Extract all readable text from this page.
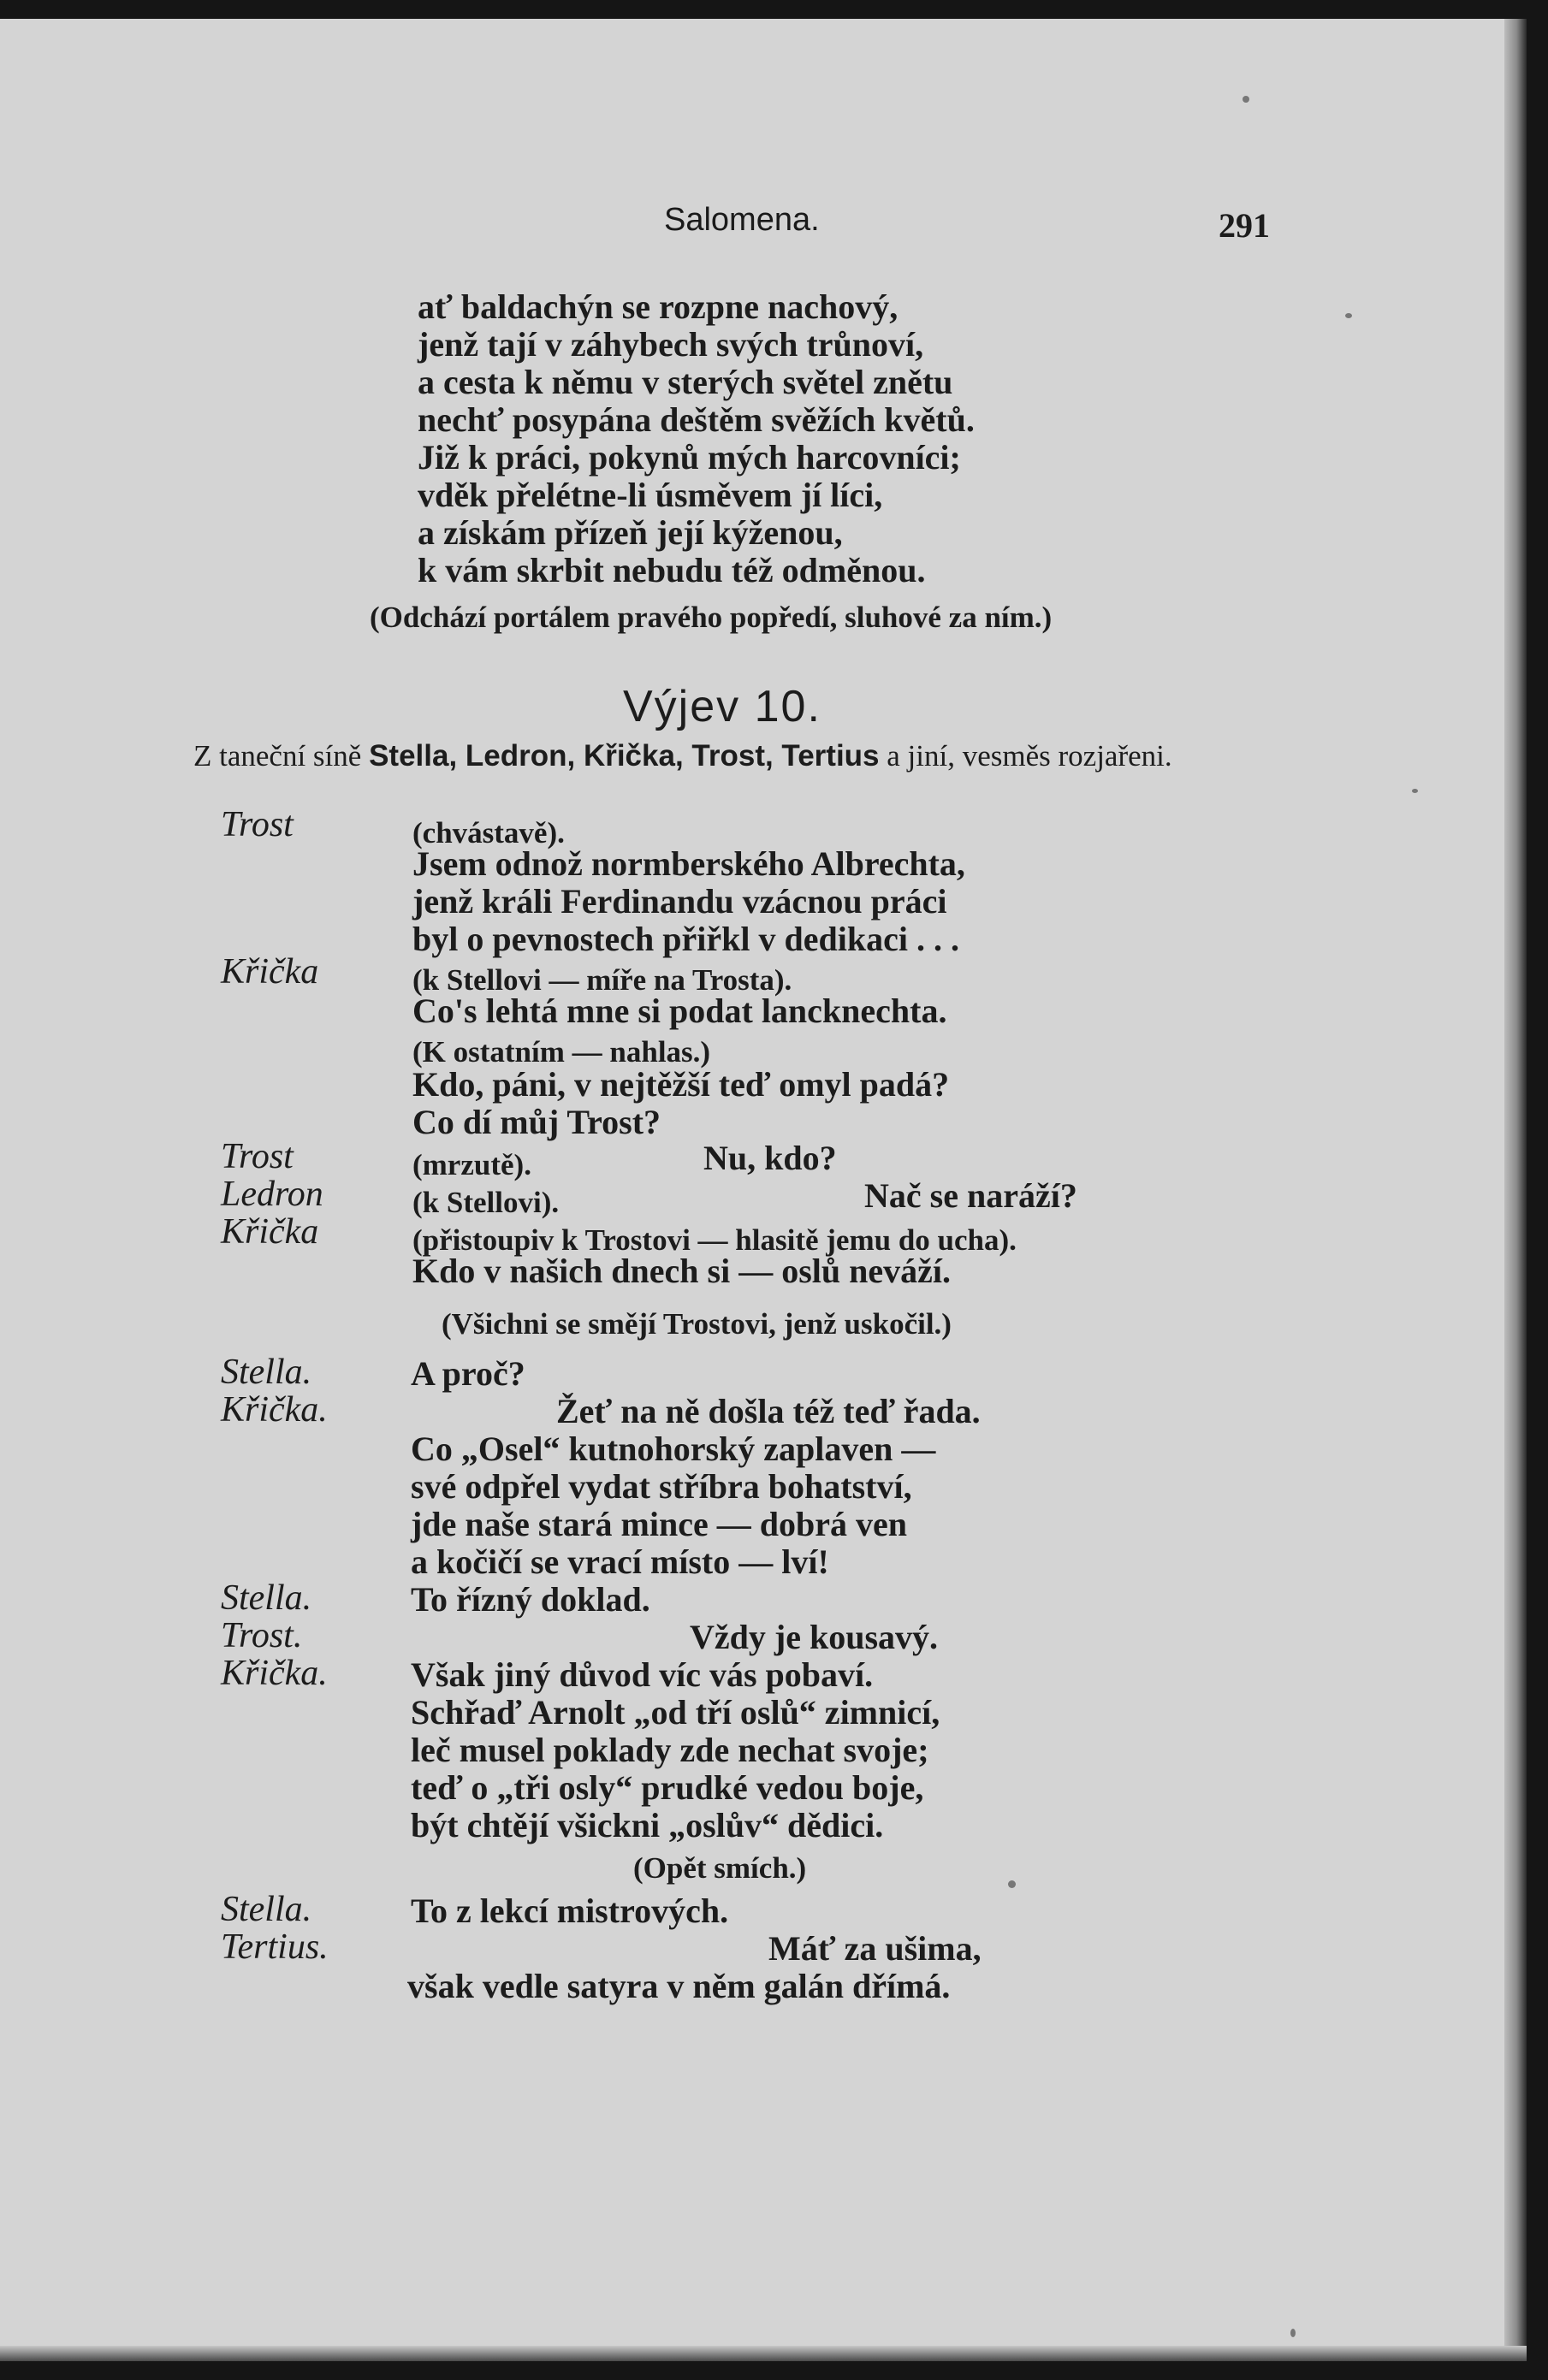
Salomena.	291
ať baldachýn se rozpne nachový,
jenž tají v záhybech svých trůnoví,
a cesta k němu v sterých světel znětu
nechť posypána deštěm svěžích květů.
Již k práci, pokynů mých harcovníci;
vděk přelétne-li úsměvem jí líci,
a získám přízeň její kýženou,
k vám skrbit nebudu též odměnou.
(Odchází portálem pravého popředí, sluhové za ním.)
Výjev 10.
Z taneční síně Stella, Ledron, Křička, Trost, Tertius a jiní, vesměs rozjařeni.
Trost	(chvástavě).
Jsem odnož normberského Albrechta,
jenž králi Ferdinandu vzácnou práci
byl o pevnostech přiřkl v dedikaci . . .
Křička	(k Stellovi — míře na Trosta).
Co's lehtá mne si podat lancknechta.
(K ostatním — nahlas.)
Kdo, páni, v nejtěžší teď omyl padá?
Co dí můj Trost?
Trost	(mrzutě).	Nu, kdo?
Ledron	(k Stellovi).	Nač se naráží?
Křička	(přistoupiv k Trostovi — hlasitě jemu do ucha).
Kdo v našich dnech si — oslů neváží.
(Všichni se smějí Trostovi, jenž uskočil.)
Stella.	A proč?
Křička.	Žeť na ně došla též teď řada.
Co „Osel“ kutnohorský zaplaven —
své odpřel vydat stříbra bohatství,
jde naše stará mince — dobrá ven
a kočičí se vrací místo — lví!
Stella.	To řízný doklad.
Trost.	Vždy je kousavý.
Křička. Však jiný důvod víc vás pobaví.
Schřaď Arnolt „od tří oslů“ zimnicí,
leč musel poklady zde nechat svoje;
teď o „tři osly“ prudké vedou boje,
být chtějí všickni „oslův“ dědici.
(Opět smích.)
Stella.	To z lekcí mistrových.
Tertius.	Máť za ušima,
však vedle satyra v něm galán dřímá.
